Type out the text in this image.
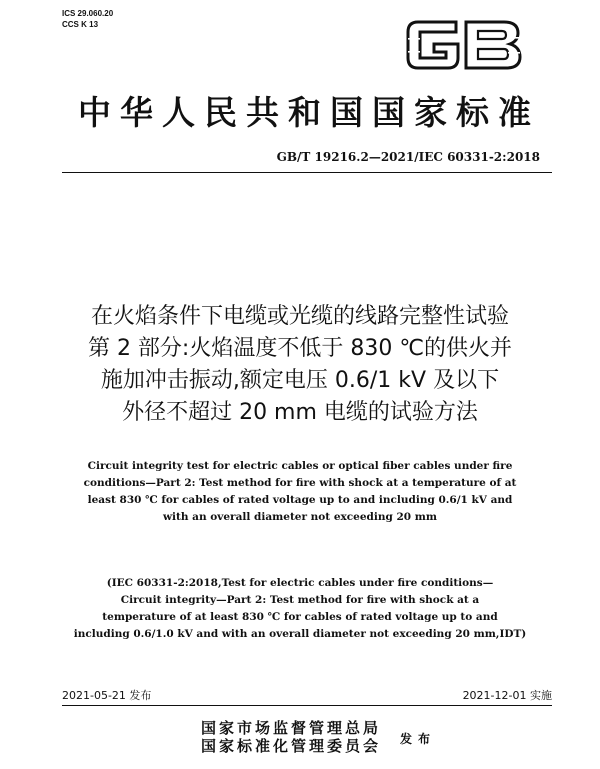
ICS 29.060.20
CCS K 13
中华人民共和国国家标准
GB/T 19216.2—2021/IEC 60331-2:2018
在火焰条件下电缆或光缆的线路完整性试验
第 2 部分:火焰温度不低于 830 ℃的供火并
施加冲击振动,额定电压 0.6/1 kV 及以下
外径不超过 20 mm 电缆的试验方法
Circuit integrity test for electric cables or optical fiber cables under fire
conditions—Part 2: Test method for fire with shock at a temperature of at
least 830 ℃ for cables of rated voltage up to and including 0.6/1 kV and
with an overall diameter not exceeding 20 mm
(IEC 60331-2:2018,Test for electric cables under fire conditions—
Circuit integrity—Part 2: Test method for fire with shock at a
temperature of at least 830 ℃ for cables of rated voltage up to and
including 0.6/1.0 kV and with an overall diameter not exceeding 20 mm,IDT)
2021-05-21 发布	2021-12-01 实施
国家市场监督管理总局
国家标准化管理委员会 发布
